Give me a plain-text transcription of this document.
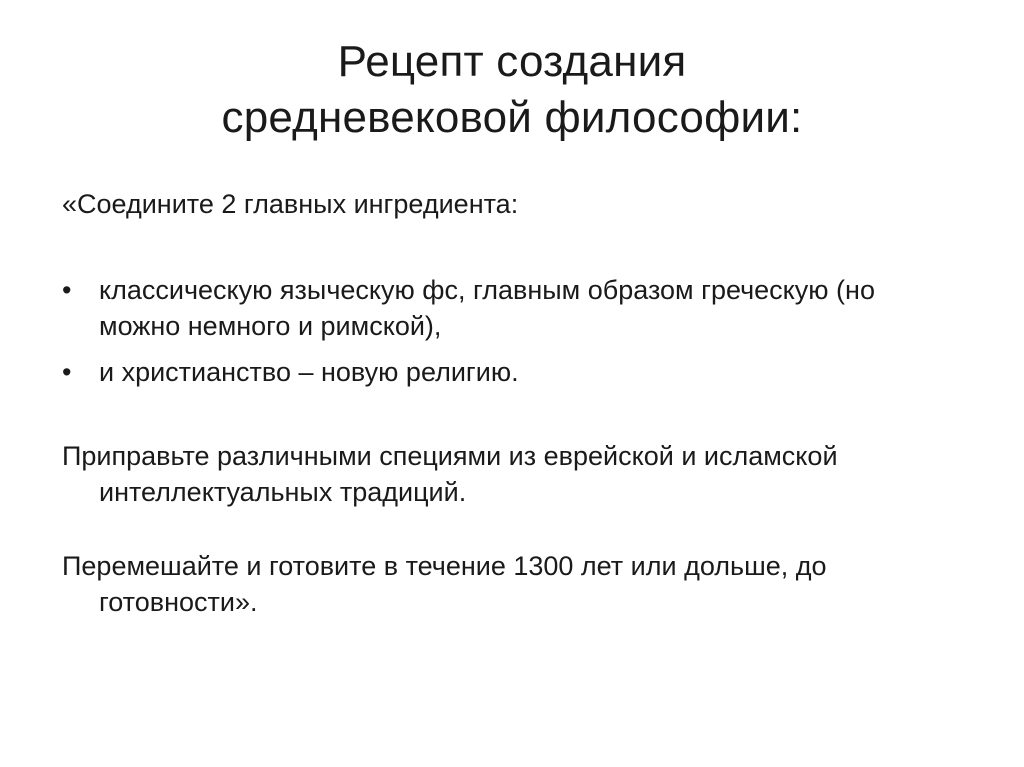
Рецепт создания
средневековой философии:

«Соедините 2 главных ингредиента:

•	классическую языческую фс, главным образом греческую (но можно немного и римской),
•	и христианство – новую религию.

Приправьте различными специями из еврейской и исламской интеллектуальных традиций.

Перемешайте и готовите в течение 1300 лет или дольше, до готовности».
